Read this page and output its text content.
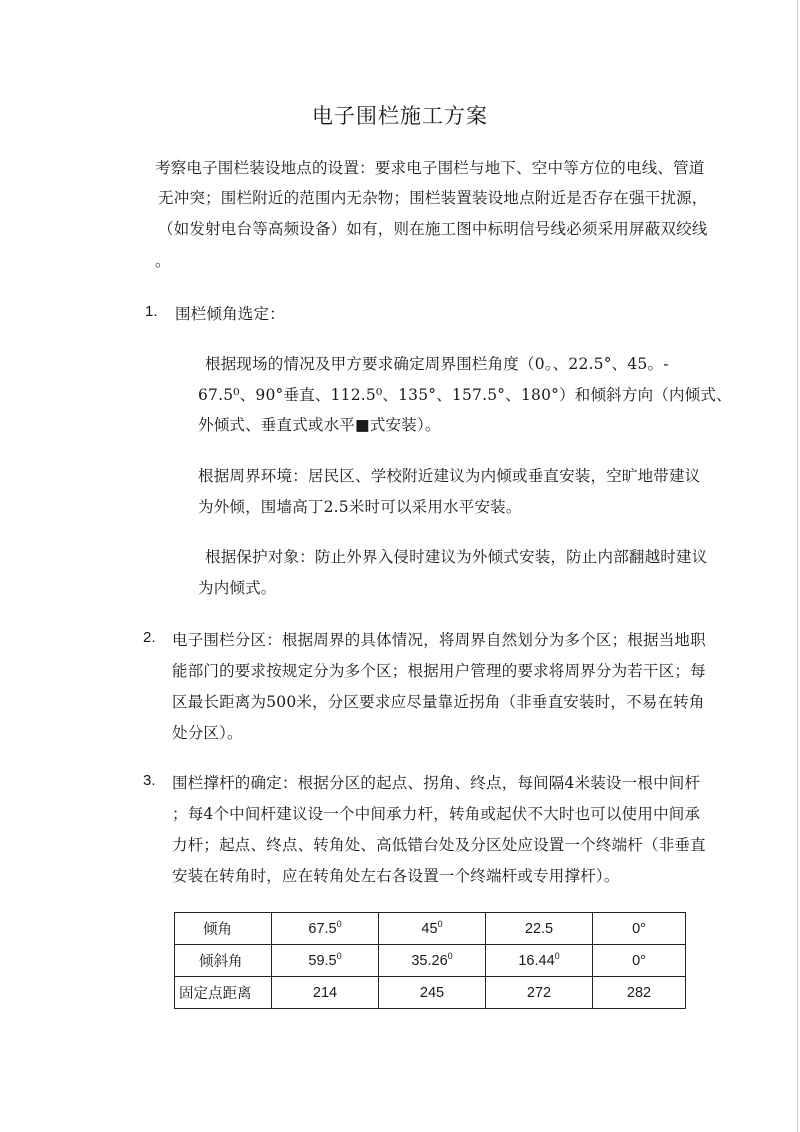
电子围栏施工方案
考察电子围栏装设地点的设置：要求电子围栏与地下、空中等方位的电线、管道
无冲突；围栏附近的范围内无杂物；围栏装置装设地点附近是否存在强干扰源，
（如发射电台等高频设备）如有，则在施工图中标明信号线必须采用屏蔽双绞线
。
1. 围栏倾角选定：
根据现场的情况及甲方要求确定周界围栏角度（0。、22.5°、45。-
67.5⁰、90°垂直、112.5⁰、135°、157.5°、180°）和倾斜方向（内倾式、
外倾式、垂直式或水平■式安装）。
根据周界环境：居民区、学校附近建议为内倾或垂直安装，空旷地带建议
为外倾，围墙高丁2.5米时可以采用水平安装。
根据保护对象：防止外界入侵时建议为外倾式安装，防止内部翻越时建议
为内倾式。
2. 电子围栏分区：根据周界的具体情况，将周界自然划分为多个区；根据当地职
能部门的要求按规定分为多个区；根据用户管理的要求将周界分为若干区；每
区最长距离为500米，分区要求应尽量靠近拐角（非垂直安装时，不易在转角
处分区）。
3. 围栏撑杆的确定：根据分区的起点、拐角、终点，每间隔4米装设一根中间杆
；每4个中间杆建议设一个中间承力杆，转角或起伏不大时也可以使用中间承
力杆；起点、终点、转角处、高低错台处及分区处应设置一个终端杆（非垂直
安装在转角时，应在转角处左右各设置一个终端杆或专用撑杆）。
倾角	67.5$^0$	$45^0$	22.5	0°
倾斜角	59.5$^0$	35.26$^0$	16.44$^0$	0°
固定点距离	214	245	272	282
